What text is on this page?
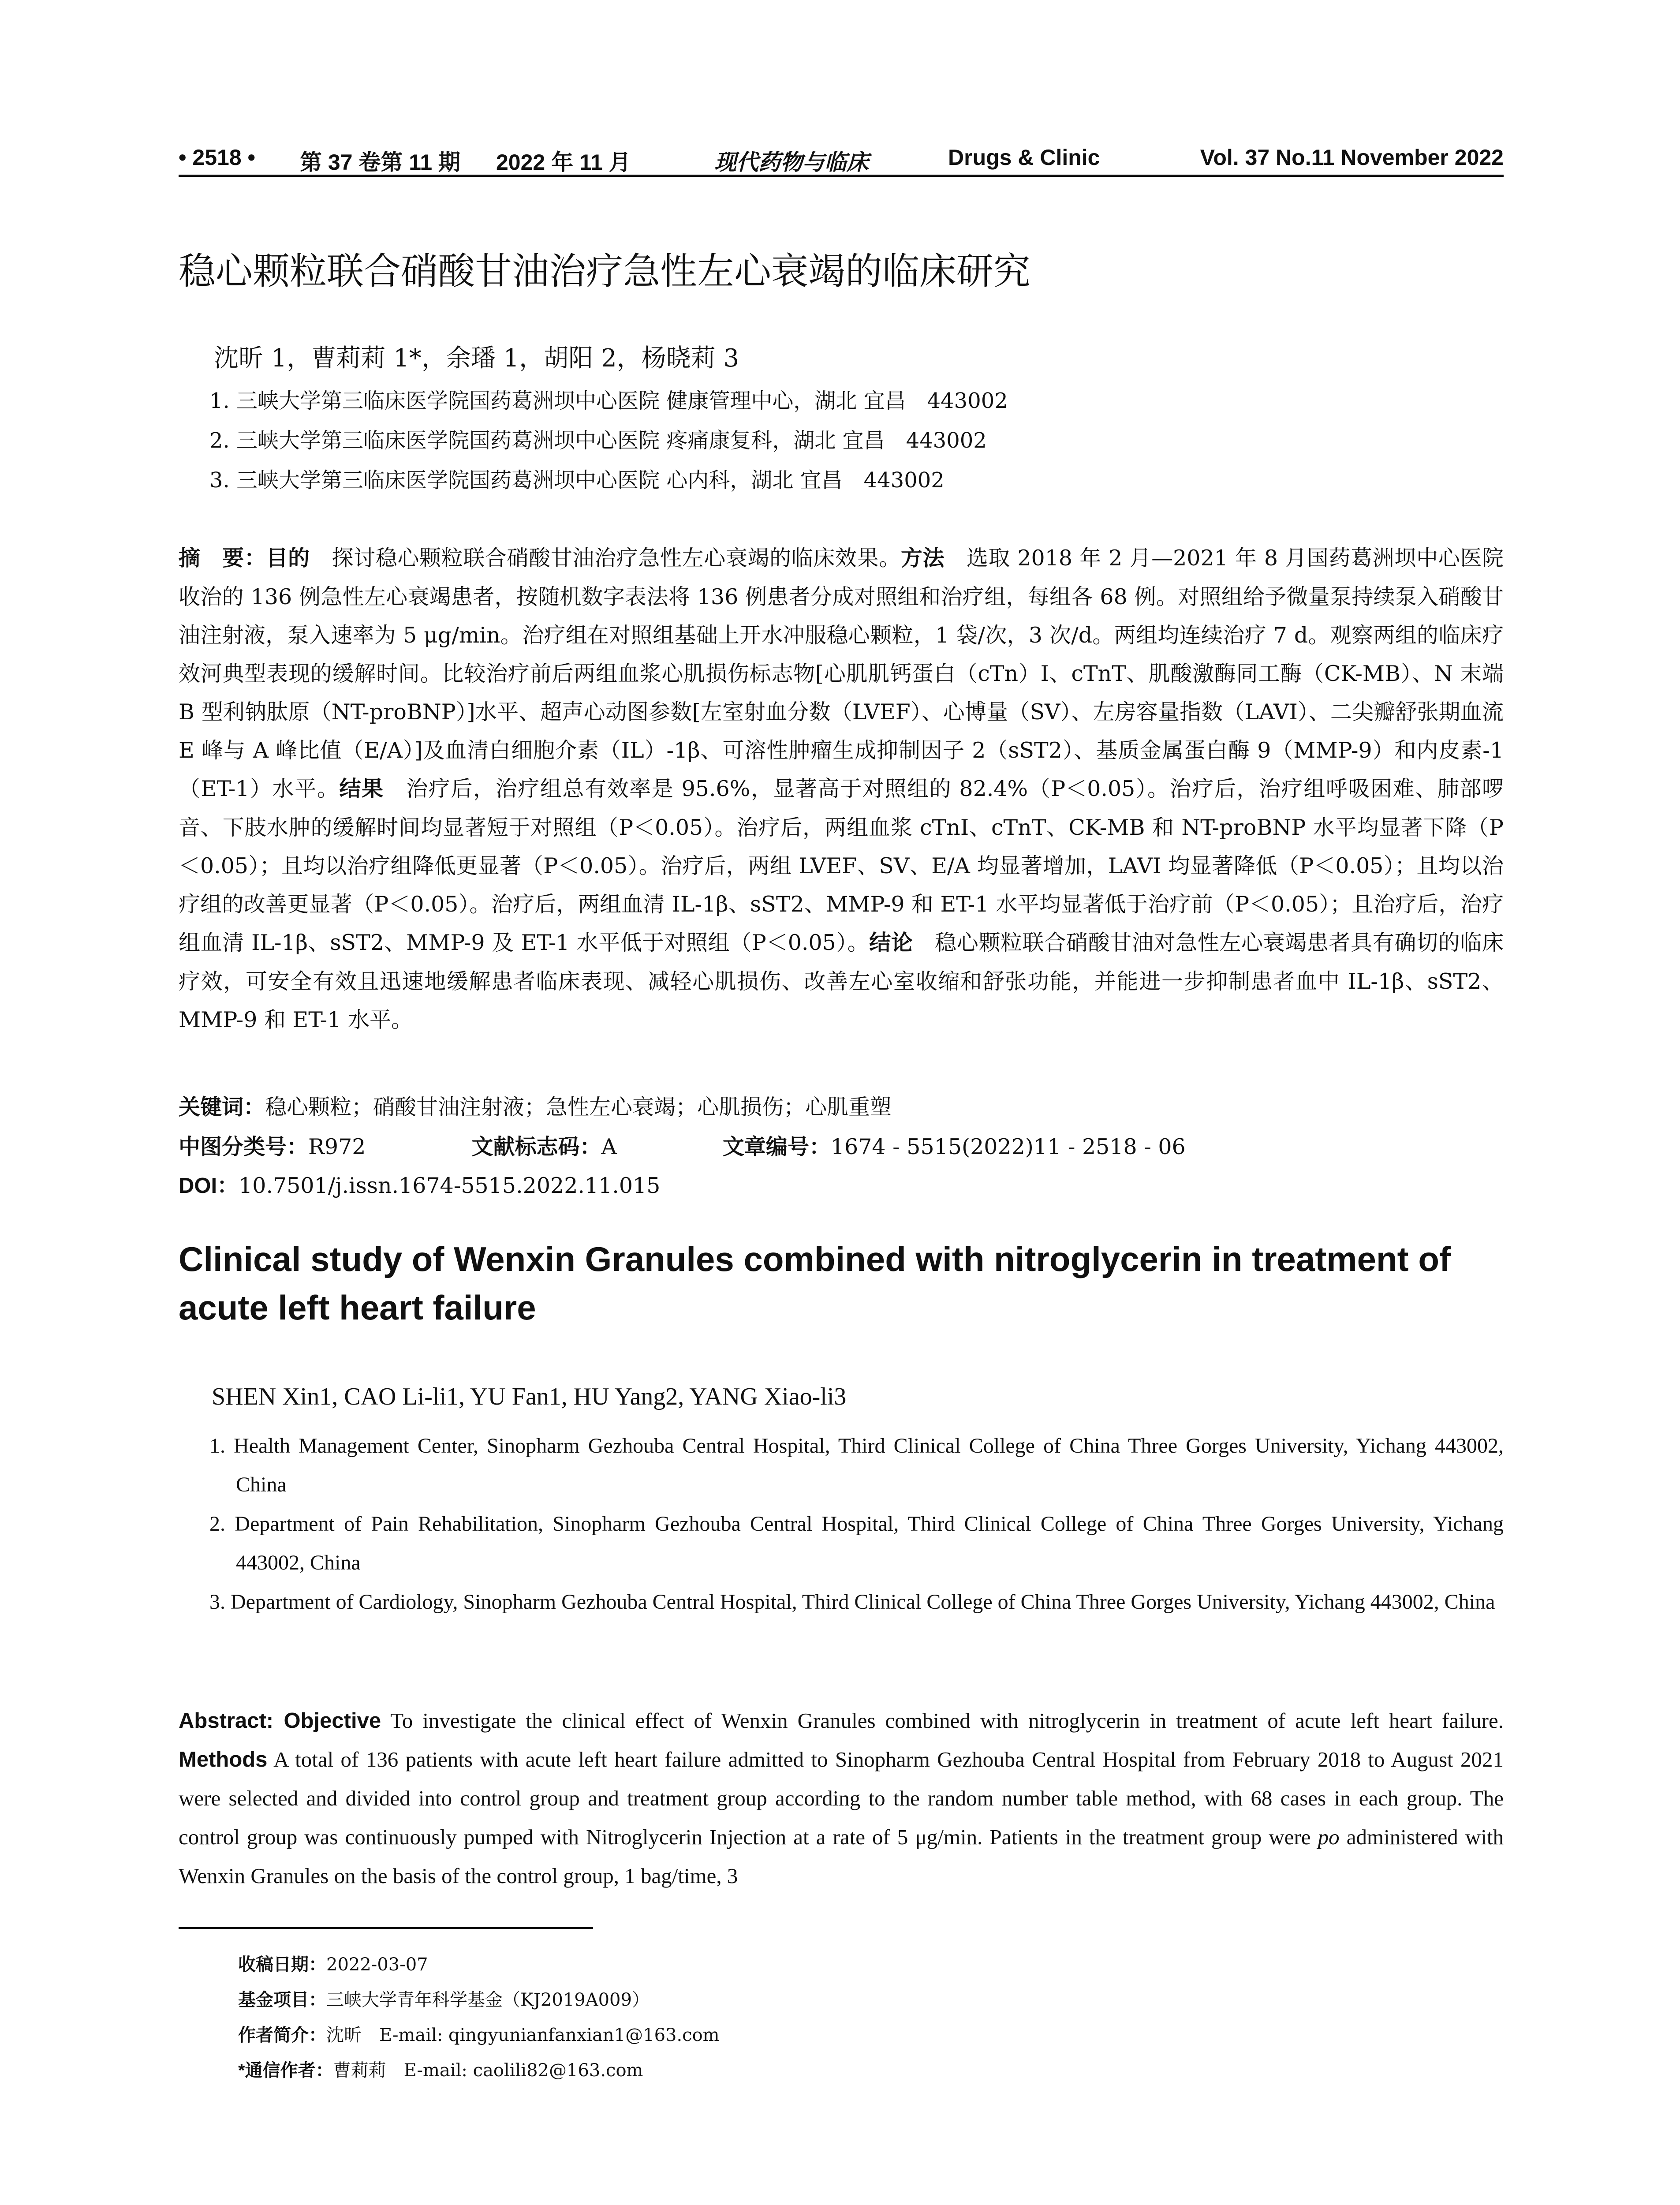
• 2518 • 第 37 卷第 11 期 2022 年 11 月	现代药物与临床	Drugs & Clinic	Vol. 37 No.11 November 2022
稳心颗粒联合硝酸甘油治疗急性左心衰竭的临床研究
沈昕 1，曹莉莉 1*，余璠 1，胡阳 2，杨晓莉 3
1. 三峡大学第三临床医学院国药葛洲坝中心医院 健康管理中心，湖北 宜昌　443002
2. 三峡大学第三临床医学院国药葛洲坝中心医院 疼痛康复科，湖北 宜昌　443002
3. 三峡大学第三临床医学院国药葛洲坝中心医院 心内科，湖北 宜昌　443002
摘　要：目的　探讨稳心颗粒联合硝酸甘油治疗急性左心衰竭的临床效果。方法　选取 2018 年 2 月—2021 年 8 月国药葛洲坝中心医院收治的 136 例急性左心衰竭患者，按随机数字表法将 136 例患者分成对照组和治疗组，每组各 68 例。对照组给予微量泵持续泵入硝酸甘油注射液，泵入速率为 5 μg/min。治疗组在对照组基础上开水冲服稳心颗粒，1 袋/次，3 次/d。两组均连续治疗 7 d。观察两组的临床疗效河典型表现的缓解时间。比较治疗前后两组血浆心肌损伤标志物[心肌肌钙蛋白（cTn）I、cTnT、肌酸激酶同工酶（CK-MB）、N 末端 B 型利钠肽原（NT-proBNP）]水平、超声心动图参数[左室射血分数（LVEF）、心博量（SV）、左房容量指数（LAVI）、二尖瓣舒张期血流 E 峰与 A 峰比值（E/A）]及血清白细胞介素（IL）-1β、可溶性肿瘤生成抑制因子 2（sST2）、基质金属蛋白酶 9（MMP-9）和内皮素-1（ET-1）水平。结果　治疗后，治疗组总有效率是 95.6%，显著高于对照组的 82.4%（P＜0.05）。治疗后，治疗组呼吸困难、肺部啰音、下肢水肿的缓解时间均显著短于对照组（P＜0.05）。治疗后，两组血浆 cTnI、cTnT、CK-MB 和 NT-proBNP 水平均显著下降（P＜0.05）；且均以治疗组降低更显著（P＜0.05）。治疗后，两组 LVEF、SV、E/A 均显著增加，LAVI 均显著降低（P＜0.05）；且均以治疗组的改善更显著（P＜0.05）。治疗后，两组血清 IL-1β、sST2、MMP-9 和 ET-1 水平均显著低于治疗前（P＜0.05）；且治疗后，治疗组血清 IL-1β、sST2、MMP-9 及 ET-1 水平低于对照组（P＜0.05）。结论　稳心颗粒联合硝酸甘油对急性左心衰竭患者具有确切的临床疗效，可安全有效且迅速地缓解患者临床表现、减轻心肌损伤、改善左心室收缩和舒张功能，并能进一步抑制患者血中 IL-1β、sST2、MMP-9 和 ET-1 水平。
关键词：稳心颗粒；硝酸甘油注射液；急性左心衰竭；心肌损伤；心肌重塑
中图分类号：R972	文献标志码：A	文章编号：1674 - 5515(2022)11 - 2518 - 06
DOI：10.7501/j.issn.1674-5515.2022.11.015
Clinical study of Wenxin Granules combined with nitroglycerin in treatment of acute left heart failure
SHEN Xin1, CAO Li-li1, YU Fan1, HU Yang2, YANG Xiao-li3
1. Health Management Center, Sinopharm Gezhouba Central Hospital, Third Clinical College of China Three Gorges University, Yichang 443002, China
2. Department of Pain Rehabilitation, Sinopharm Gezhouba Central Hospital, Third Clinical College of China Three Gorges University, Yichang 443002, China
3. Department of Cardiology, Sinopharm Gezhouba Central Hospital, Third Clinical College of China Three Gorges University, Yichang 443002, China
Abstract: Objective To investigate the clinical effect of Wenxin Granules combined with nitroglycerin in treatment of acute left heart failure. Methods A total of 136 patients with acute left heart failure admitted to Sinopharm Gezhouba Central Hospital from February 2018 to August 2021 were selected and divided into control group and treatment group according to the random number table method, with 68 cases in each group. The control group was continuously pumped with Nitroglycerin Injection at a rate of 5 μg/min. Patients in the treatment group were po administered with Wenxin Granules on the basis of the control group, 1 bag/time, 3
收稿日期：2022-03-07
基金项目：三峡大学青年科学基金（KJ2019A009）
作者简介：沈昕　E-mail: qingyunianfanxian1@163.com
*通信作者：曹莉莉　E-mail: caolili82@163.com
